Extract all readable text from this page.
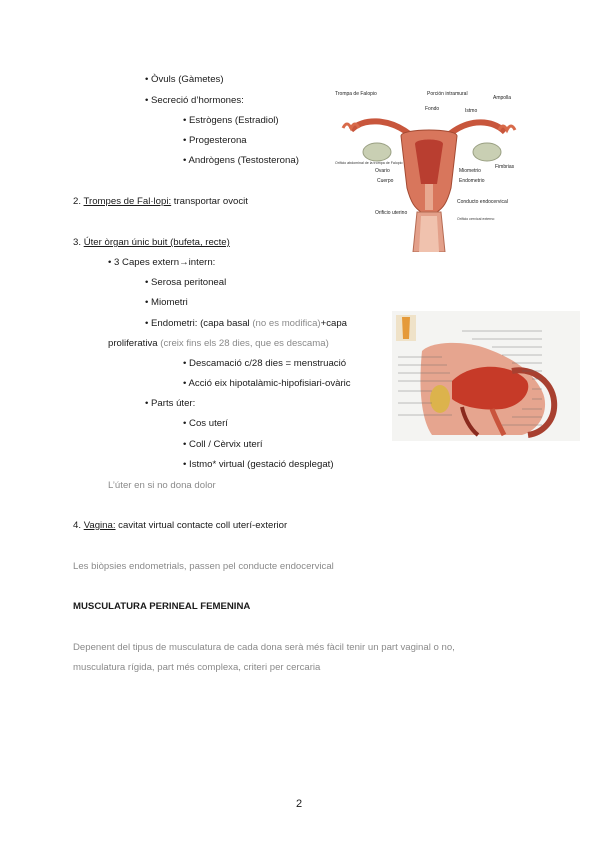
• Òvuls (Gàmetes)
• Secreció d’hormones:
• Estrògens (Estradiol)
• Progesterona
• Andrògens (Testosterona)
2. Trompes de Fal·lopi: transportar ovocit
3. Úter òrgan únic buit (bufeta, recte)
• 3 Capes extern→intern:
• Serosa peritoneal
• Miometri
• Endometri: (capa basal (no es modifica)+capa
proliferativa (creix fins els 28 dies, que es descama)
• Descamació c/28 dies = menstruació
• Acció eix hipotalàmic-hipofisiari-ovàric
• Parts úter:
• Cos uterí
• Coll / Cèrvix uterí
• Istmo* virtual (gestació desplegat)
L’úter en si no dona dolor
4. Vagina: cavitat virtual contacte coll uterí-exterior
Les biòpsies endometrials, passen pel conducte endocervical
MUSCULATURA PERINEAL FEMENINA
Depenent del tipus de musculatura de cada dona serà més fàcil tenir un part vaginal o no,
musculatura rígida, part més complexa, criteri per cercaria
2
Trompa de Falopio	Porción intramural
Ampolla
Fondo	Istmo
Orificio abdominal de la trompa de Falopio
Ovario	Miometrio
Fimbrias
Cuerpo	Endometrio
Conducto endocervical
Orificio uterino
Orificio cervical externo
